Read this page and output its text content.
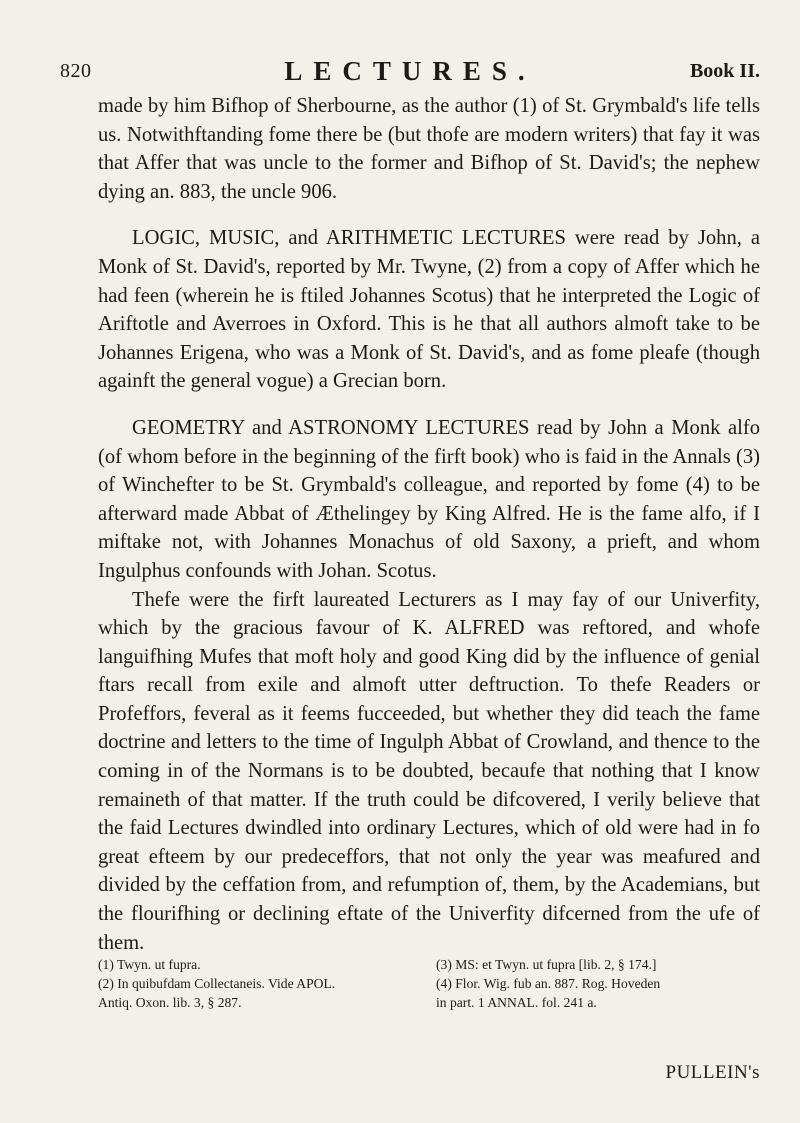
820	LECTURES.	Book II.

made by him Bifhop of Sherbourne, as the author (1) of St. Grymbald's life tells us. Notwithftanding fome there be (but thofe are modern writers) that fay it was that Affer that was uncle to the former and Bifhop of St. David's; the nephew dying an. 883, the uncle 906.

LOGIC, MUSIC, and ARITHMETIC LECTURES were read by John, a Monk of St. David's, reported by Mr. Twyne, (2) from a copy of Affer which he had feen (wherein he is ftiled Johannes Scotus) that he interpreted the Logic of Ariftotle and Averroes in Oxford. This is he that all authors almoft take to be Johannes Erigena, who was a Monk of St. David's, and as fome pleafe (though againft the general vogue) a Grecian born.

GEOMETRY and ASTRONOMY LECTURES read by John a Monk alfo (of whom before in the beginning of the firft book) who is faid in the Annals (3) of Winchefter to be St. Grymbald's colleague, and reported by fome (4) to be afterward made Abbat of Æthelingey by King Alfred. He is the fame alfo, if I miftake not, with Johannes Monachus of old Saxony, a prieft, and whom Ingulphus confounds with Johan. Scotus.

Thefe were the firft laureated Lecturers as I may fay of our Univerfity, which by the gracious favour of K. ALFRED was reftored, and whofe languifhing Mufes that moft holy and good King did by the influence of genial ftars recall from exile and almoft utter deftruction. To thefe Readers or Profeffors, feveral as it feems fucceeded, but whether they did teach the fame doctrine and letters to the time of Ingulph Abbat of Crowland, and thence to the coming in of the Normans is to be doubted, becaufe that nothing that I know remaineth of that matter. If the truth could be difcovered, I verily believe that the faid Lectures dwindled into ordinary Lectures, which of old were had in fo great efteem by our predeceffors, that not only the year was meafured and divided by the ceffation from, and refumption of, them, by the Academians, but the flourifhing or declining eftate of the Univerfity difcerned from the ufe of them.

(1) Twyn. ut fupra.
(2) In quibufdam Collectaneis. Vide APOL.
Antiq. Oxon. lib. 3, § 287.
(3) MS: et Twyn. ut fupra [lib. 2, § 174.]
(4) Flor. Wig. fub an. 887. Rog. Hoveden
in part. 1 ANNAL. fol. 241 a.
PULLEIN's
